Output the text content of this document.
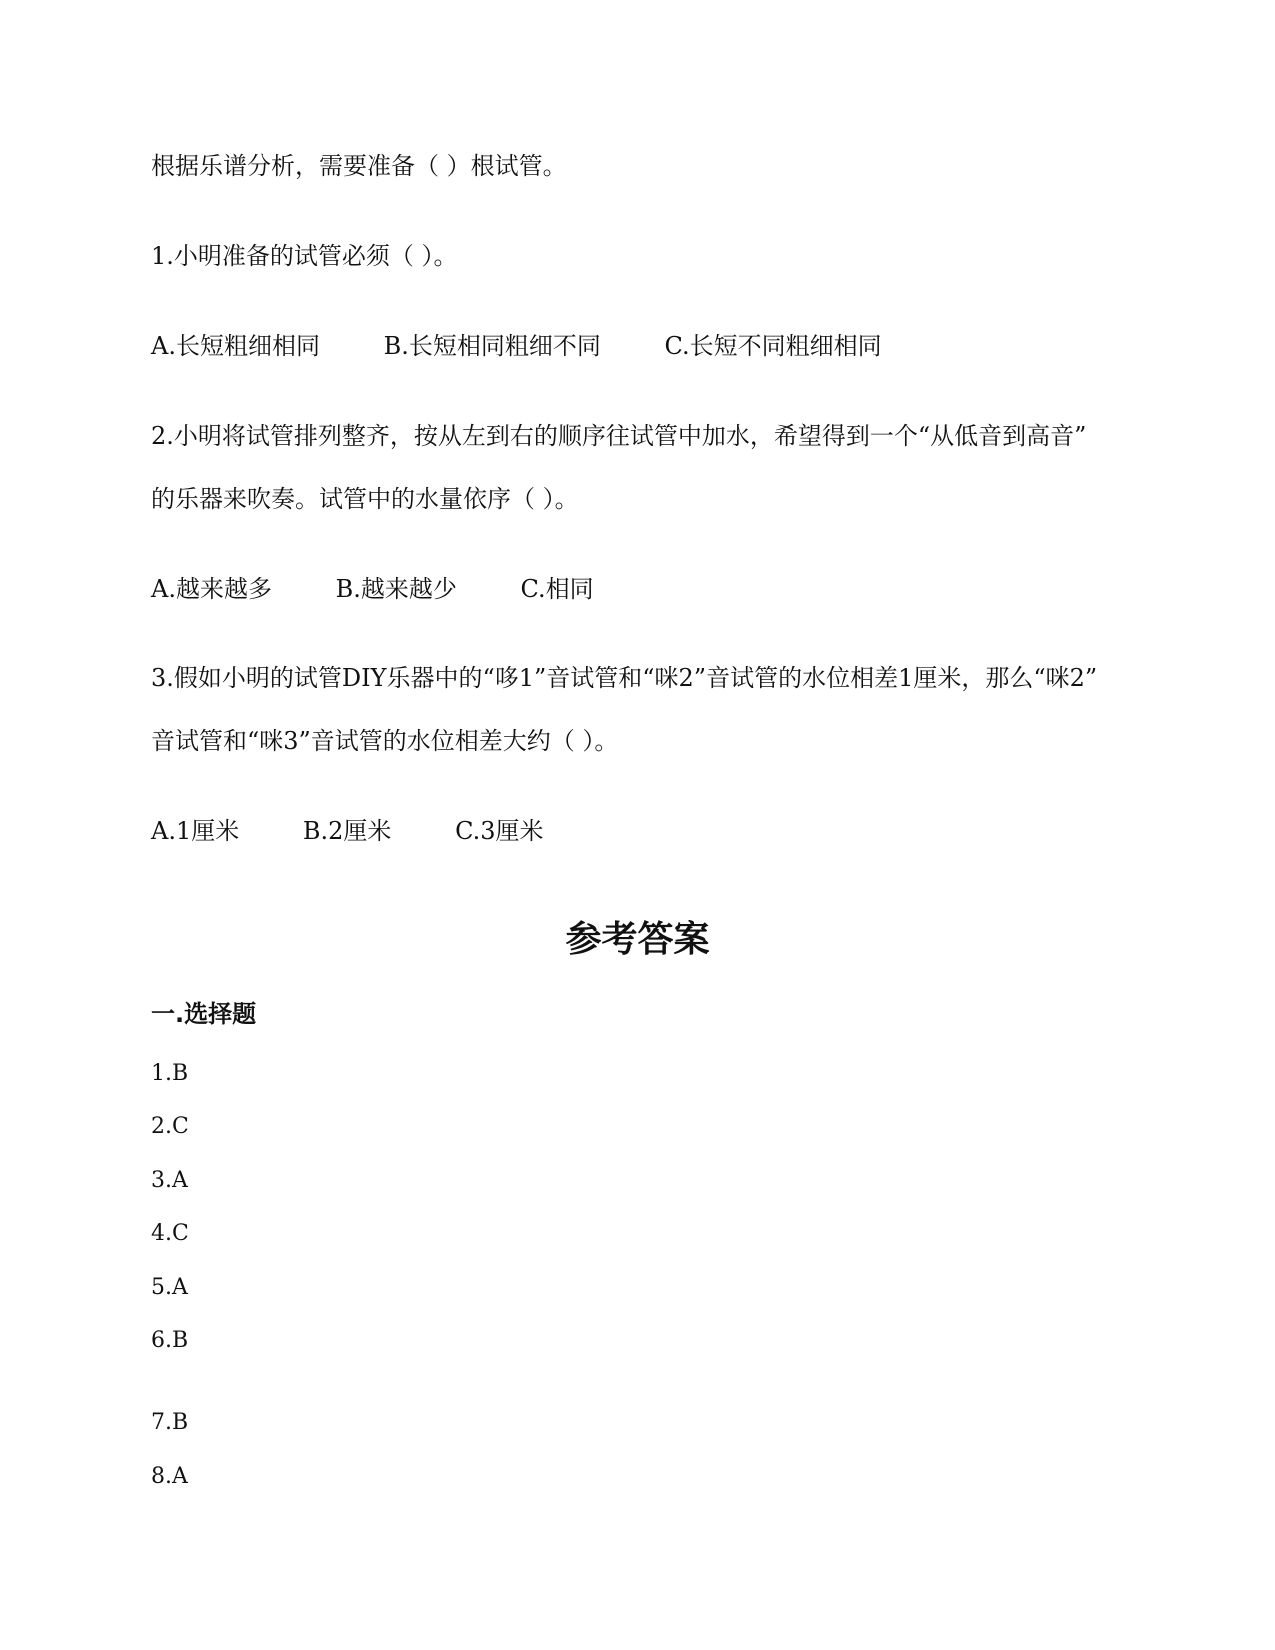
根据乐谱分析，需要准备（ ）根试管。

1.小明准备的试管必须（ ）。

A.长短粗细相同	B.长短相同粗细不同	C.长短不同粗细相同

2.小明将试管排列整齐，按从左到右的顺序往试管中加水，希望得到一个“从低音到高音”

的乐器来吹奏。试管中的水量依序（ ）。

A.越来越多	B.越来越少	C.相同

3.假如小明的试管DIY乐器中的“哆1”音试管和“咪2”音试管的水位相差1厘米，那么“咪2”

音试管和“咪3”音试管的水位相差大约（ ）。

A.1厘米	B.2厘米	C.3厘米

参考答案
一.选择题

1.B

2.C

3.A

4.C

5.A

6.B

7.B

8.A
